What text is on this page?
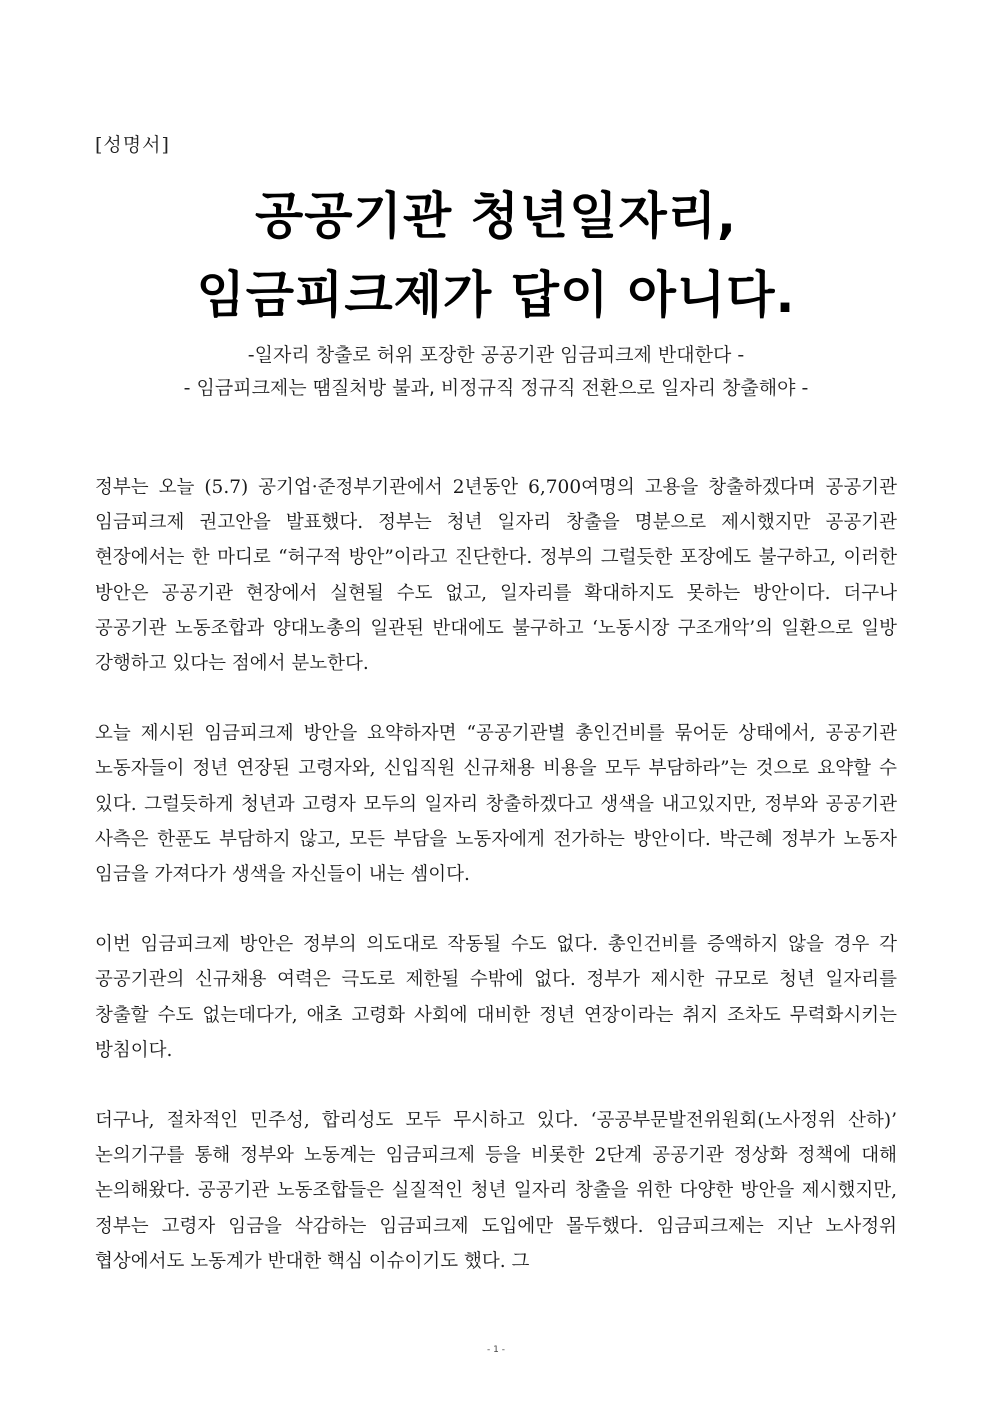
[성명서]
공공기관 청년일자리,
임금피크제가 답이 아니다.
-일자리 창출로 허위 포장한 공공기관 임금피크제 반대한다 -
- 임금피크제는 땜질처방 불과, 비정규직 정규직 전환으로 일자리 창출해야 -

정부는 오늘 (5.7) 공기업·준정부기관에서 2년동안 6,700여명의 고용을 창출하겠다며 공공기관 임금피크제 권고안을 발표했다. 정부는 청년 일자리 창출을 명분으로 제시했지만 공공기관 현장에서는 한 마디로 “허구적 방안”이라고 진단한다. 정부의 그럴듯한 포장에도 불구하고, 이러한 방안은 공공기관 현장에서 실현될 수도 없고, 일자리를 확대하지도 못하는 방안이다. 더구나 공공기관 노동조합과 양대노총의 일관된 반대에도 불구하고 ‘노동시장 구조개악’의 일환으로 일방 강행하고 있다는 점에서 분노한다.

오늘 제시된 임금피크제 방안을 요약하자면 “공공기관별 총인건비를 묶어둔 상태에서, 공공기관 노동자들이 정년 연장된 고령자와, 신입직원 신규채용 비용을 모두 부담하라”는 것으로 요약할 수 있다. 그럴듯하게 청년과 고령자 모두의 일자리 창출하겠다고 생색을 내고있지만, 정부와 공공기관 사측은 한푼도 부담하지 않고, 모든 부담을 노동자에게 전가하는 방안이다. 박근혜 정부가 노동자 임금을 가져다가 생색을 자신들이 내는 셈이다.

이번 임금피크제 방안은 정부의 의도대로 작동될 수도 없다. 총인건비를 증액하지 않을 경우 각 공공기관의 신규채용 여력은 극도로 제한될 수밖에 없다. 정부가 제시한 규모로 청년 일자리를 창출할 수도 없는데다가, 애초 고령화 사회에 대비한 정년 연장이라는 취지 조차도 무력화시키는 방침이다.

더구나, 절차적인 민주성, 합리성도 모두 무시하고 있다. ‘공공부문발전위원회(노사정위 산하)’ 논의기구를 통해 정부와 노동계는 임금피크제 등을 비롯한 2단계 공공기관 정상화 정책에 대해 논의해왔다. 공공기관 노동조합들은 실질적인 청년 일자리 창출을 위한 다양한 방안을 제시했지만, 정부는 고령자 임금을 삭감하는 임금피크제 도입에만 몰두했다. 임금피크제는 지난 노사정위 협상에서도 노동계가 반대한 핵심 이슈이기도 했다. 그

- 1 -
